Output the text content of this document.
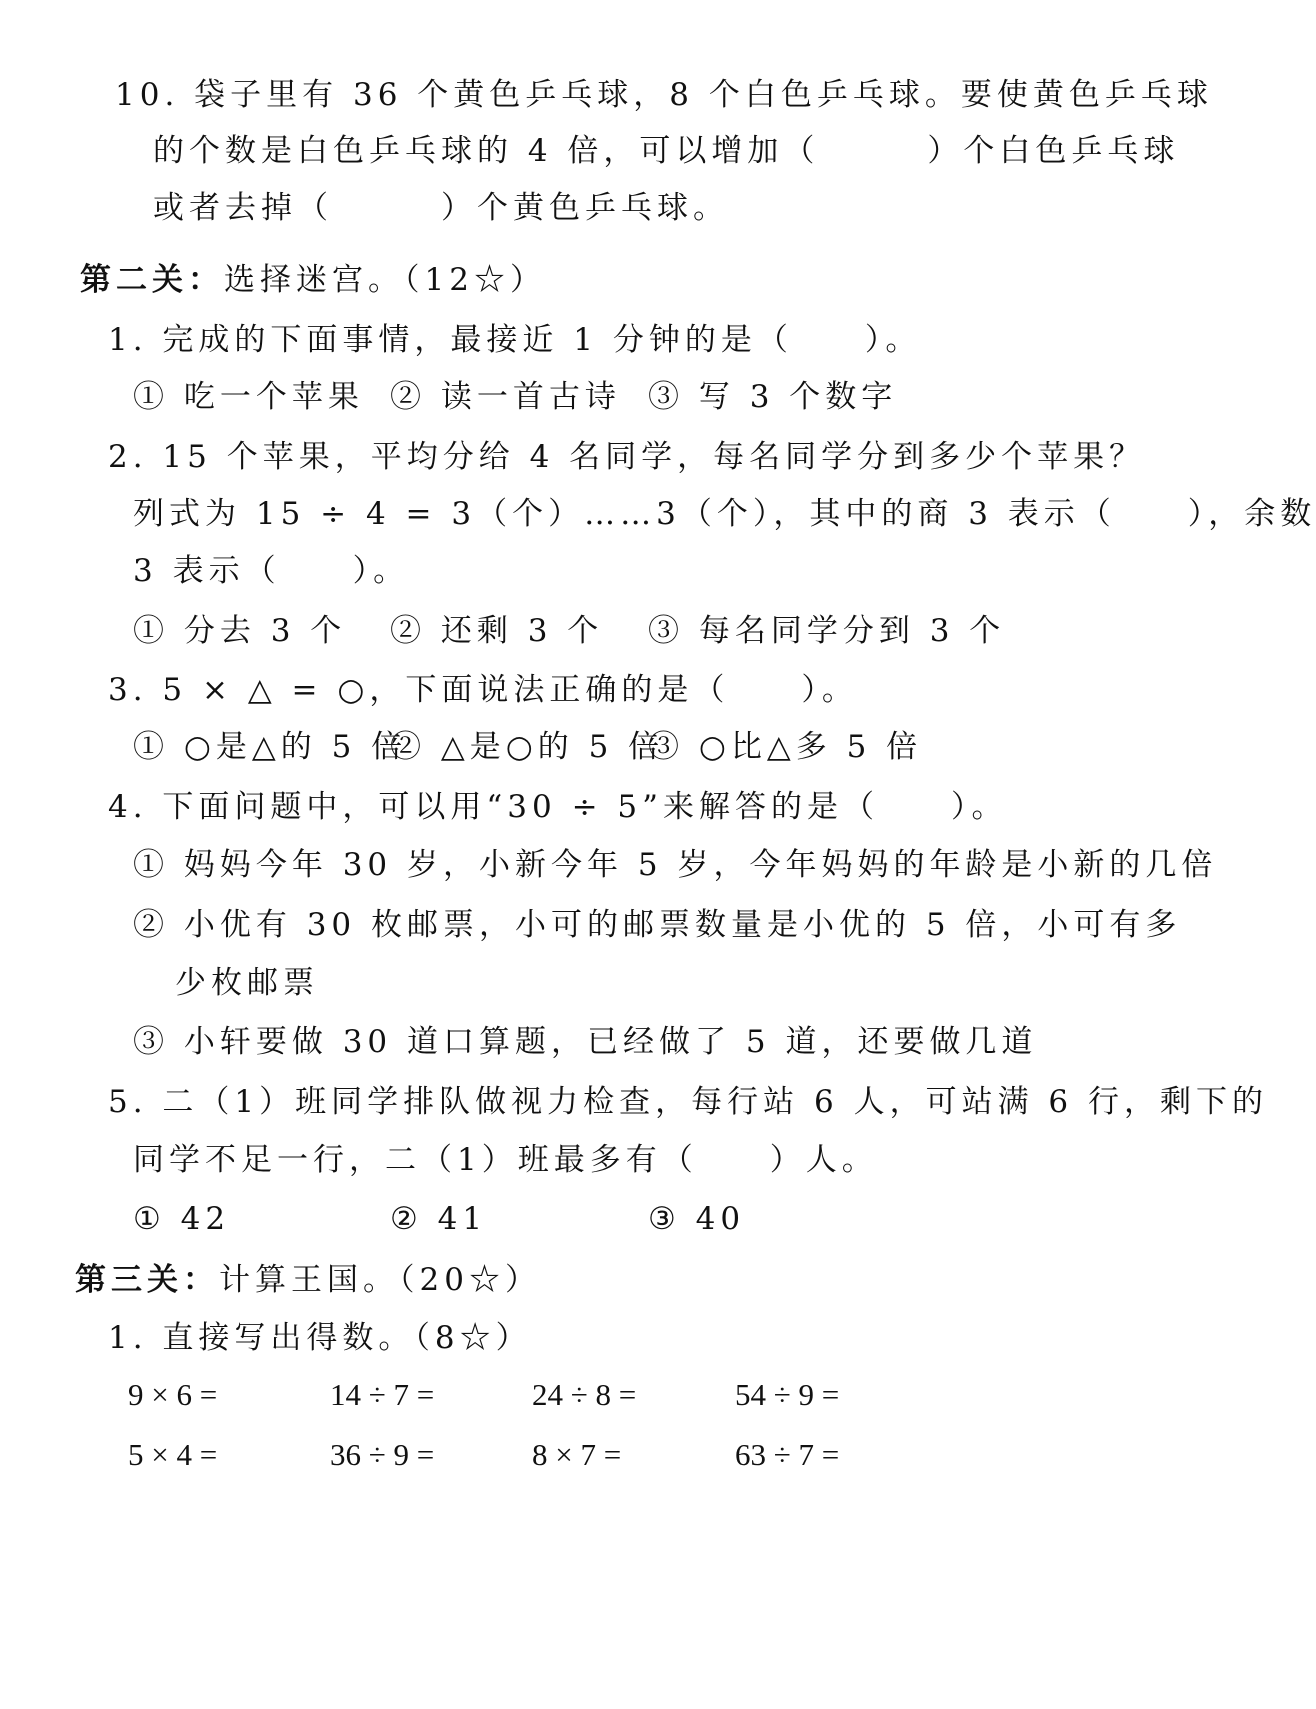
10. 袋子里有 36 个黄色乒乓球，8 个白色乒乓球。要使黄色乒乓球
的个数是白色乒乓球的 4 倍，可以增加（　　　）个白色乒乓球
或者去掉（　　　）个黄色乒乓球。
第二关：选择迷宫。（12☆）
1. 完成的下面事情，最接近 1 分钟的是（　　）。
① 吃一个苹果 ② 读一首古诗 ③ 写 3 个数字
2. 15 个苹果，平均分给 4 名同学，每名同学分到多少个苹果？
列式为 15 ÷ 4 = 3（个）……3（个），其中的商 3 表示（　　），余数
3 表示（　　）。
① 分去 3 个 ② 还剩 3 个 ③ 每名同学分到 3 个
3. 5 × △ = ○，下面说法正确的是（　　）。
① ○是△的 5 倍
② △是○的 5 倍
③ ○比△多 5 倍
4. 下面问题中，可以用“30 ÷ 5”来解答的是（　　）。
① 妈妈今年 30 岁，小新今年 5 岁，今年妈妈的年龄是小新的几倍
② 小优有 30 枚邮票，小可的邮票数量是小优的 5 倍，小可有多
少枚邮票
③ 小轩要做 30 道口算题，已经做了 5 道，还要做几道
5. 二（1）班同学排队做视力检查，每行站 6 人，可站满 6 行，剩下的
同学不足一行，二（1）班最多有（　　）人。
① 42	② 41	③ 40
第三关：计算王国。（20☆）
1. 直接写出得数。（8☆）
9 × 6 =	14 ÷ 7 =	24 ÷ 8 =	54 ÷ 9 =
5 × 4 =	36 ÷ 9 =	8 × 7 =	63 ÷ 7 =
